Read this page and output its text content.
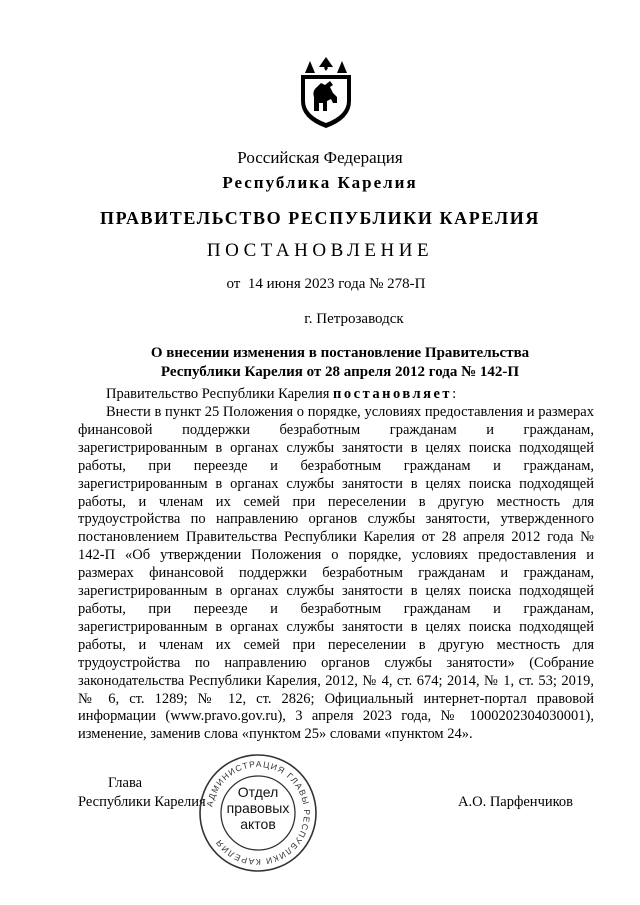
Российская Федерация
Республика Карелия
ПРАВИТЕЛЬСТВО РЕСПУБЛИКИ КАРЕЛИЯ
ПОСТАНОВЛЕНИЕ
от  14 июня 2023 года № 278-П
г. Петрозаводск
О внесении изменения в постановление Правительства
Республики Карелия от 28 апреля 2012 года № 142-П
Правительство Республики Карелия постановляет:
Внести в пункт 25 Положения о порядке, условиях предоставления и размерах финансовой поддержки безработным гражданам и гражданам, зарегистрированным в органах службы занятости в целях поиска подходящей работы, при переезде и безработным гражданам и гражданам, зарегистрированным в органах службы занятости в целях поиска подходящей работы, и членам их семей при переселении в другую местность для трудоустройства по направлению органов службы занятости, утвержденного постановлением Правительства Республики Карелия от 28 апреля 2012 года № 142-П «Об утверждении Положения о порядке, условиях предоставления и размерах финансовой поддержки безработным гражданам и гражданам, зарегистрированным в органах службы занятости в целях поиска подходящей работы, при переезде и безработным гражданам и гражданам, зарегистрированным в органах службы занятости в целях поиска подходящей работы, и членам их семей при переселении в другую местность для трудоустройства по направлению органов службы занятости» (Собрание законодательства Республики Карелия, 2012, № 4, ст. 674; 2014, № 1, ст. 53; 2019, № 6, ст. 1289; № 12, ст. 2826; Официальный интернет-портал правовой информации (www.pravo.gov.ru), 3 апреля 2023 года, № 1000202304030001), изменение, заменив слова «пунктом 25» словами «пунктом 24».
Глава
Республики Карелия	А.О. Парфенчиков
АДМИНИСТРАЦИЯ ГЛАВЫ РЕСПУБЛИКИ КАРЕЛИЯ
Отдел
правовых
актов
